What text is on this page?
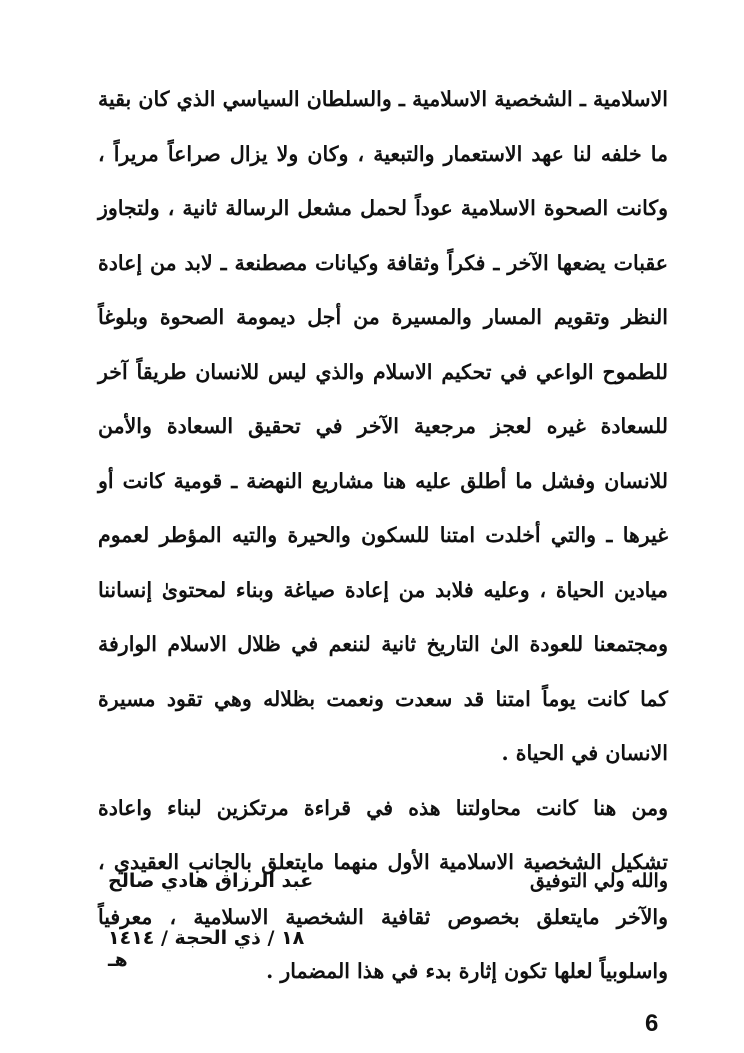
الاسلامية ـ الشخصية الاسلامية ـ والسلطان السياسي الذي كان بقية
ما خلفه لنا عهد الاستعمار والتبعية ، وكان ولا يزال صراعاً مريراً ،
وكانت الصحوة الاسلامية عوداً لحمل مشعل الرسالة ثانية ، ولتجاوز
عقبات يضعها الآخر ـ فكراً وثقافة وكيانات مصطنعة ـ لابد من إعادة
النظر وتقويم المسار والمسيرة من أجل ديمومة الصحوة وبلوغاً
للطموح الواعي في تحكيم الاسلام والذي ليس للانسان طريقاً آخر
للسعادة غيره لعجز مرجعية الآخر في تحقيق السعادة والأمن
للانسان وفشل ما أطلق عليه هنا مشاريع النهضة ـ قومية كانت أو
غيرها ـ والتي أخلدت امتنا للسكون والحيرة والتيه المؤطر لعموم
ميادين الحياة ، وعليه فلابد من إعادة صياغة وبناء لمحتوىٰ إنساننا
ومجتمعنا للعودة الىٰ التاريخ ثانية لننعم في ظلال الاسلام الوارفة
كما كانت يوماً امتنا قد سعدت ونعمت بظلاله وهي تقود مسيرة
الانسان في الحياة .
ومن هنا كانت محاولتنا هذه في قراءة مرتكزين لبناء واعادة
تشكيل الشخصية الاسلامية الأول منهما مايتعلق بالجانب العقيدي ،
والآخر مايتعلق بخصوص ثقافية الشخصية الاسلامية ، معرفياً
واسلوبياً لعلها تكون إثارة بدء في هذا المضمار .
والله ولي التوفيق
عبد الرزاق هادي صالح
١٨ / ذي الحجة / ١٤١٤ هـ
6
